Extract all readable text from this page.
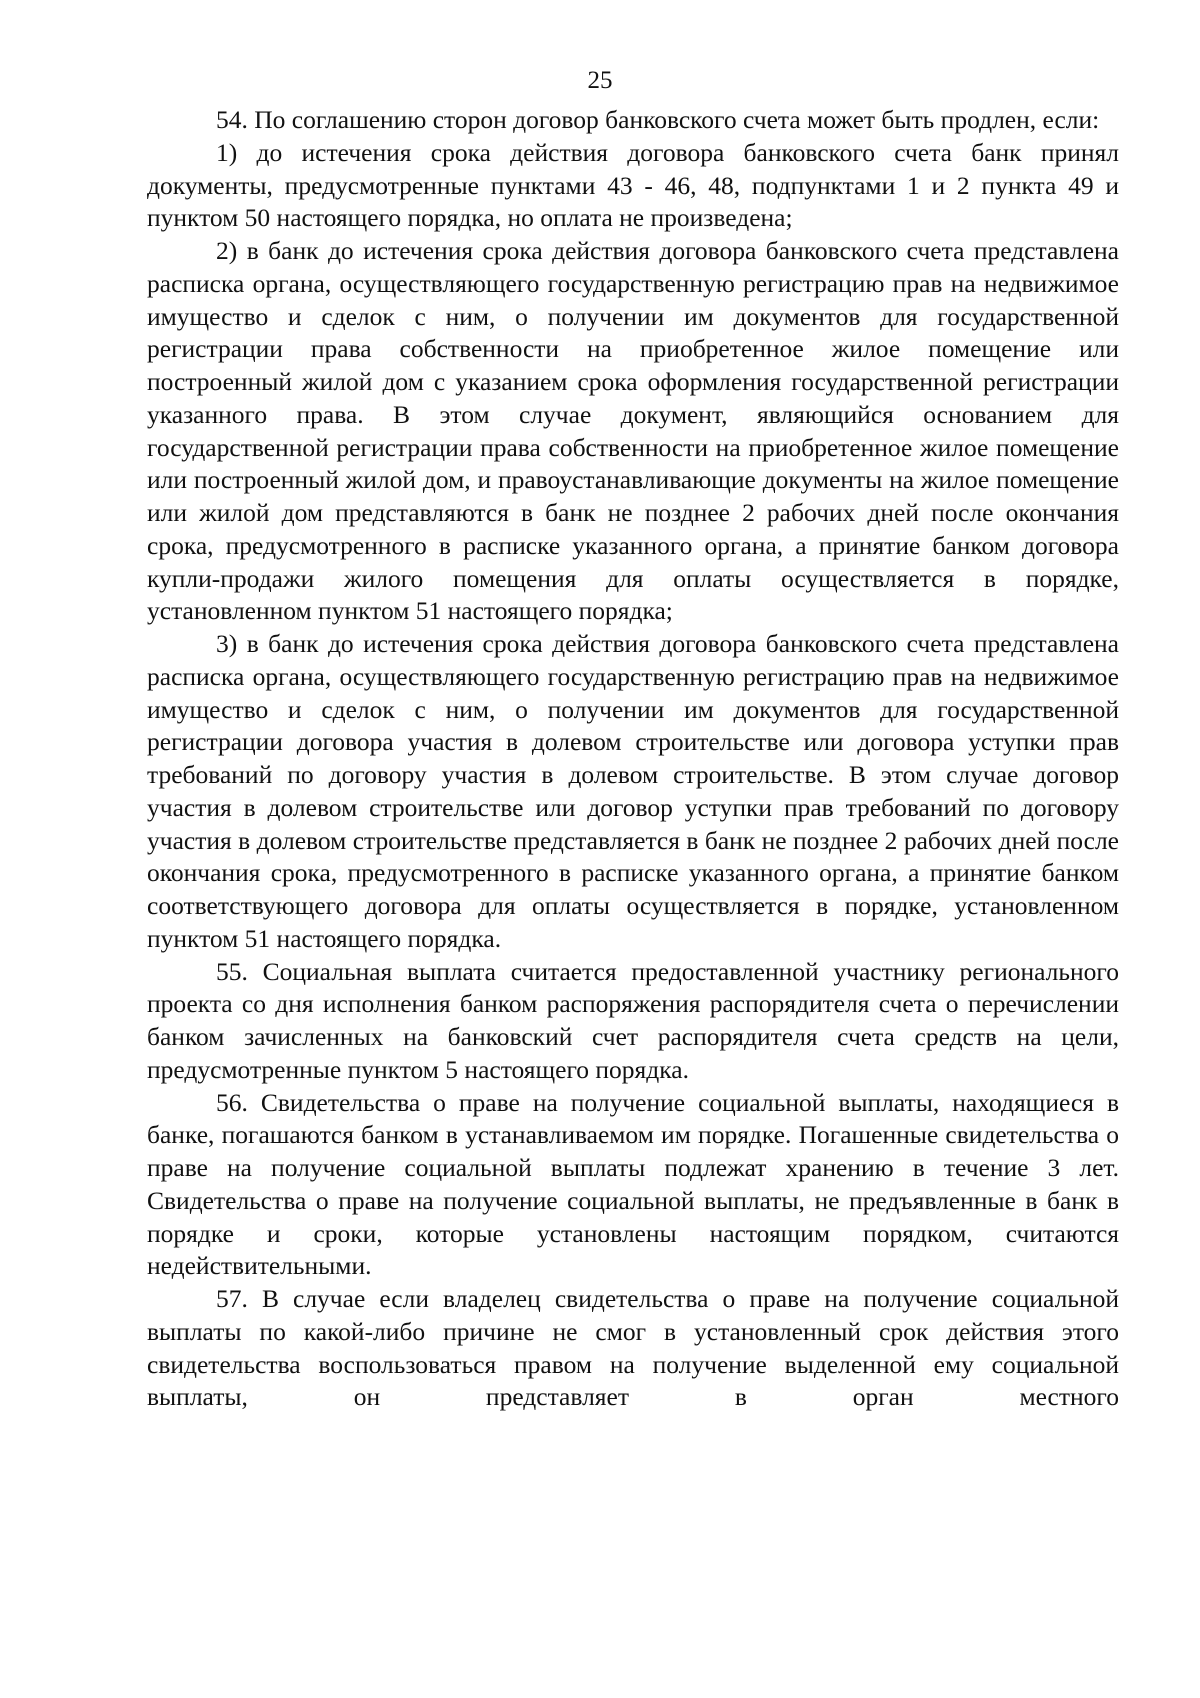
25

54. По соглашению сторон договор банковского счета может быть продлен, если:

1) до истечения срока действия договора банковского счета банк принял документы, предусмотренные пунктами 43 - 46, 48, подпунктами 1 и 2 пункта 49 и пунктом 50 настоящего порядка, но оплата не произведена;

2) в банк до истечения срока действия договора банковского счета представлена расписка органа, осуществляющего государственную регистрацию прав на недвижимое имущество и сделок с ним, о получении им документов для государственной регистрации права собственности на приобретенное жилое помещение или построенный жилой дом с указанием срока оформления государственной регистрации указанного права. В этом случае документ, являющийся основанием для государственной регистрации права собственности на приобретенное жилое помещение или построенный жилой дом, и правоустанавливающие документы на жилое помещение или жилой дом представляются в банк не позднее 2 рабочих дней после окончания срока, предусмотренного в расписке указанного органа, а принятие банком договора купли-продажи жилого помещения для оплаты осуществляется в порядке, установленном пунктом 51 настоящего порядка;

3) в банк до истечения срока действия договора банковского счета представлена расписка органа, осуществляющего государственную регистрацию прав на недвижимое имущество и сделок с ним, о получении им документов для государственной регистрации договора участия в долевом строительстве или договора уступки прав требований по договору участия в долевом строительстве. В этом случае договор участия в долевом строительстве или договор уступки прав требований по договору участия в долевом строительстве представляется в банк не позднее 2 рабочих дней после окончания срока, предусмотренного в расписке указанного органа, а принятие банком соответствующего договора для оплаты осуществляется в порядке, установленном пунктом 51 настоящего порядка.

55. Социальная выплата считается предоставленной участнику регионального проекта со дня исполнения банком распоряжения распорядителя счета о перечислении банком зачисленных на банковский счет распорядителя счета средств на цели, предусмотренные пунктом 5 настоящего порядка.

56. Свидетельства о праве на получение социальной выплаты, находящиеся в банке, погашаются банком в устанавливаемом им порядке. Погашенные свидетельства о праве на получение социальной выплаты подлежат хранению в течение 3 лет. Свидетельства о праве на получение социальной выплаты, не предъявленные в банк в порядке и сроки, которые установлены настоящим порядком, считаются недействительными.

57. В случае если владелец свидетельства о праве на получение социальной выплаты по какой-либо причине не смог в установленный срок действия этого свидетельства воспользоваться правом на получение выделенной ему социальной выплаты, он представляет в орган местного
